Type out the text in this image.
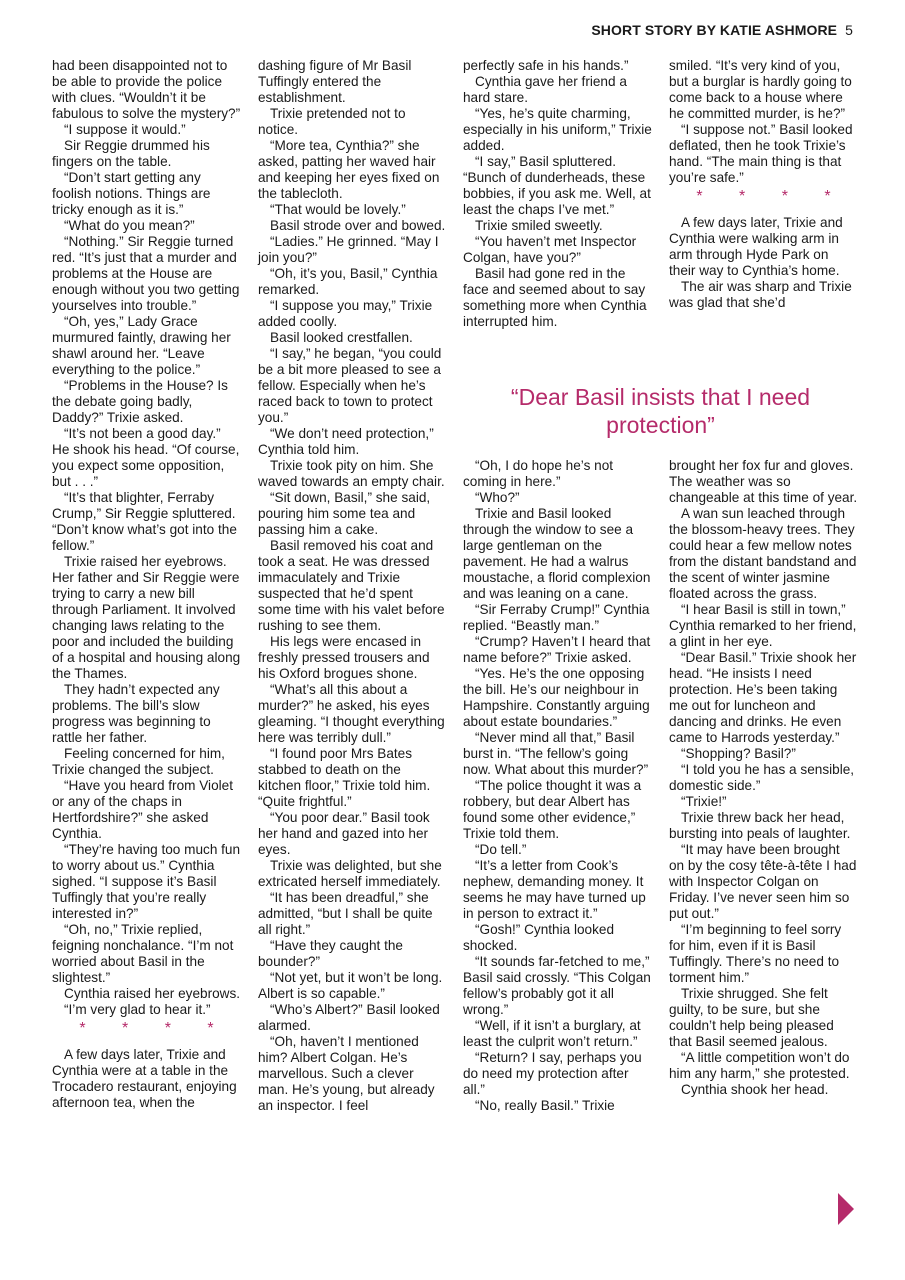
SHORT STORY BY KATIE ASHMORE 5

had been disappointed not to be able to provide the police with clues. “Wouldn’t it be fabulous to solve the mystery?”

“I suppose it would.”

Sir Reggie drummed his fingers on the table.

“Don’t start getting any foolish notions. Things are tricky enough as it is.”

“What do you mean?”

“Nothing.” Sir Reggie turned red. “It’s just that a murder and problems at the House are enough without you two getting yourselves into trouble.”

“Oh, yes,” Lady Grace murmured faintly, drawing her shawl around her. “Leave everything to the police.”

“Problems in the House? Is the debate going badly, Daddy?” Trixie asked.

“It’s not been a good day.” He shook his head. “Of course, you expect some opposition, but . . .”

“It’s that blighter, Ferraby Crump,” Sir Reggie spluttered. “Don’t know what’s got into the fellow.”

Trixie raised her eyebrows. Her father and Sir Reggie were trying to carry a new bill through Parliament. It involved changing laws relating to the poor and included the building of a hospital and housing along the Thames.

They hadn’t expected any problems. The bill’s slow progress was beginning to rattle her father.

Feeling concerned for him, Trixie changed the subject.

“Have you heard from Violet or any of the chaps in Hertfordshire?” she asked Cynthia.

“They’re having too much fun to worry about us.” Cynthia sighed. “I suppose it’s Basil Tuffingly that you’re really interested in?”

“Oh, no,” Trixie replied, feigning nonchalance. “I’m not worried about Basil in the slightest.”

Cynthia raised her eyebrows.

“I’m very glad to hear it.”

* * * *

A few days later, Trixie and Cynthia were at a table in the Trocadero restaurant, enjoying afternoon tea, when the

dashing figure of Mr Basil Tuffingly entered the establishment.

Trixie pretended not to notice.

“More tea, Cynthia?” she asked, patting her waved hair and keeping her eyes fixed on the tablecloth.

“That would be lovely.”

Basil strode over and bowed.

“Ladies.” He grinned. “May I join you?”

“Oh, it’s you, Basil,” Cynthia remarked.

“I suppose you may,” Trixie added coolly.

Basil looked crestfallen.

“I say,” he began, “you could be a bit more pleased to see a fellow. Especially when he’s raced back to town to protect you.”

“We don’t need protection,” Cynthia told him.

Trixie took pity on him. She waved towards an empty chair.

“Sit down, Basil,” she said, pouring him some tea and passing him a cake.

Basil removed his coat and took a seat. He was dressed immaculately and Trixie suspected that he’d spent some time with his valet before rushing to see them.

His legs were encased in freshly pressed trousers and his Oxford brogues shone.

“What’s all this about a murder?” he asked, his eyes gleaming. “I thought everything here was terribly dull.”

“I found poor Mrs Bates stabbed to death on the kitchen floor,” Trixie told him. “Quite frightful.”

“You poor dear.” Basil took her hand and gazed into her eyes.

Trixie was delighted, but she extricated herself immediately.

“It has been dreadful,” she admitted, “but I shall be quite all right.”

“Have they caught the bounder?”

“Not yet, but it won’t be long. Albert is so capable.”

“Who’s Albert?” Basil looked alarmed.

“Oh, haven’t I mentioned him? Albert Colgan. He’s marvellous. Such a clever man. He’s young, but already an inspector. I feel

perfectly safe in his hands.”

Cynthia gave her friend a hard stare.

“Yes, he’s quite charming, especially in his uniform,” Trixie added.

“I say,” Basil spluttered. “Bunch of dunderheads, these bobbies, if you ask me. Well, at least the chaps I’ve met.”

Trixie smiled sweetly.

“You haven’t met Inspector Colgan, have you?”

Basil had gone red in the face and seemed about to say something more when Cynthia interrupted him.

smiled. “It’s very kind of you, but a burglar is hardly going to come back to a house where he committed murder, is he?”

“I suppose not.” Basil looked deflated, then he took Trixie’s hand. “The main thing is that you’re safe.”

* * * *

A few days later, Trixie and Cynthia were walking arm in arm through Hyde Park on their way to Cynthia’s home.

The air was sharp and Trixie was glad that she’d

“Dear Basil insists that I need protection”

“Oh, I do hope he’s not coming in here.”

“Who?”

Trixie and Basil looked through the window to see a large gentleman on the pavement. He had a walrus moustache, a florid complexion and was leaning on a cane.

“Sir Ferraby Crump!” Cynthia replied. “Beastly man.”

“Crump? Haven’t I heard that name before?” Trixie asked.

“Yes. He’s the one opposing the bill. He’s our neighbour in Hampshire. Constantly arguing about estate boundaries.”

“Never mind all that,” Basil burst in. “The fellow’s going now. What about this murder?”

“The police thought it was a robbery, but dear Albert has found some other evidence,” Trixie told them.

“Do tell.”

“It’s a letter from Cook’s nephew, demanding money. It seems he may have turned up in person to extract it.”

“Gosh!” Cynthia looked shocked.

“It sounds far-fetched to me,” Basil said crossly. “This Colgan fellow’s probably got it all wrong.”

“Well, if it isn’t a burglary, at least the culprit won’t return.”

“Return? I say, perhaps you do need my protection after all.”

“No, really Basil.” Trixie

brought her fox fur and gloves. The weather was so changeable at this time of year.

A wan sun leached through the blossom-heavy trees. They could hear a few mellow notes from the distant bandstand and the scent of winter jasmine floated across the grass.

“I hear Basil is still in town,” Cynthia remarked to her friend, a glint in her eye.

“Dear Basil.” Trixie shook her head. “He insists I need protection. He’s been taking me out for luncheon and dancing and drinks. He even came to Harrods yesterday.”

“Shopping? Basil?”

“I told you he has a sensible, domestic side.”

“Trixie!”

Trixie threw back her head, bursting into peals of laughter.

“It may have been brought on by the cosy tête-à-tête I had with Inspector Colgan on Friday. I’ve never seen him so put out.”

“I’m beginning to feel sorry for him, even if it is Basil Tuffingly. There’s no need to torment him.”

Trixie shrugged. She felt guilty, to be sure, but she couldn’t help being pleased that Basil seemed jealous.

“A little competition won’t do him any harm,” she protested.

Cynthia shook her head.
